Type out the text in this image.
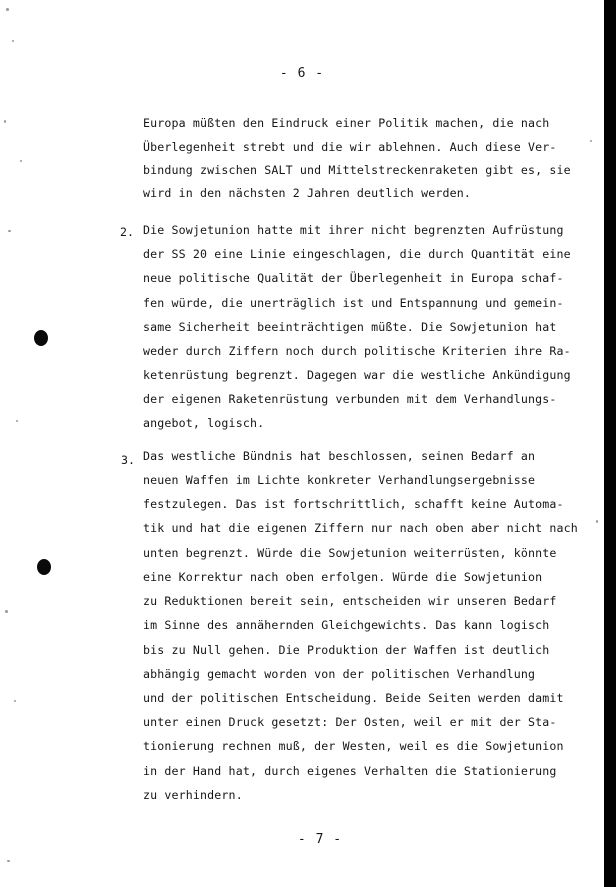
- 6 -
Europa müßten den Eindruck einer Politik machen, die nach
Überlegenheit strebt und die wir ablehnen. Auch diese Ver-
bindung zwischen SALT und Mittelstreckenraketen gibt es, sie
wird in den nächsten 2 Jahren deutlich werden.
2. Die Sowjetunion hatte mit ihrer nicht begrenzten Aufrüstung
der SS 20 eine Linie eingeschlagen, die durch Quantität eine
neue politische Qualität der Überlegenheit in Europa schaf-
fen würde, die unerträglich ist und Entspannung und gemein-
same Sicherheit beeinträchtigen müßte. Die Sowjetunion hat
weder durch Ziffern noch durch politische Kriterien ihre Ra-
ketenrüstung begrenzt. Dagegen war die westliche Ankündigung
der eigenen Raketenrüstung verbunden mit dem Verhandlungs-
angebot, logisch.
3. Das westliche Bündnis hat beschlossen, seinen Bedarf an
neuen Waffen im Lichte konkreter Verhandlungsergebnisse
festzulegen. Das ist fortschrittlich, schafft keine Automa-
tik und hat die eigenen Ziffern nur nach oben aber nicht nach
unten begrenzt. Würde die Sowjetunion weiterrüsten, könnte
eine Korrektur nach oben erfolgen. Würde die Sowjetunion
zu Reduktionen bereit sein, entscheiden wir unseren Bedarf
im Sinne des annähernden Gleichgewichts. Das kann logisch
bis zu Null gehen. Die Produktion der Waffen ist deutlich
abhängig gemacht worden von der politischen Verhandlung
und der politischen Entscheidung. Beide Seiten werden damit
unter einen Druck gesetzt: Der Osten, weil er mit der Sta-
tionierung rechnen muß, der Westen, weil es die Sowjetunion
in der Hand hat, durch eigenes Verhalten die Stationierung
zu verhindern.
- 7 -
